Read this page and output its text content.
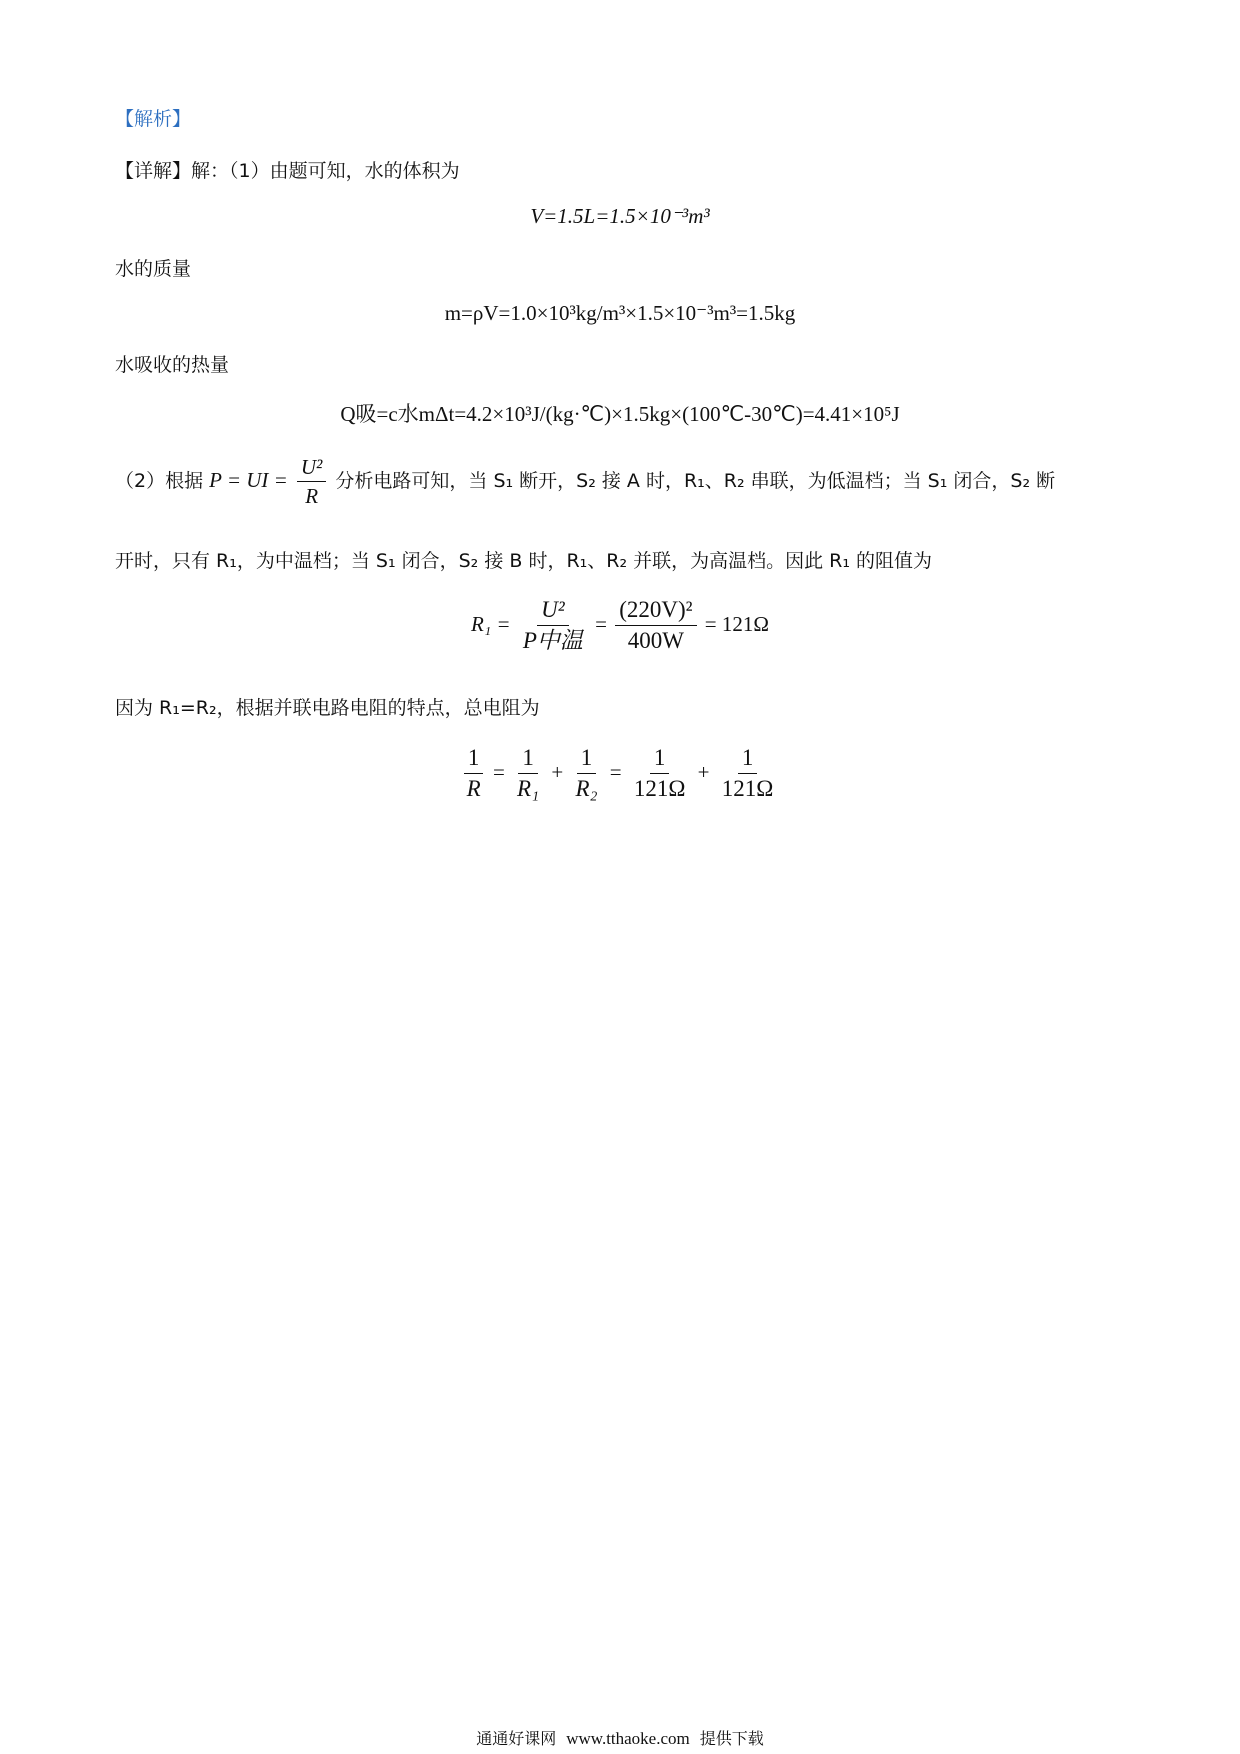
【解析】
【详解】解：（1）由题可知，水的体积为
V=1.5L=1.5×10⁻³m³
水的质量
m=ρV=1.0×10³kg/m³×1.5×10⁻³m³=1.5kg
水吸收的热量
Q吸=c水mΔt=4.2×10³J/(kg·℃)×1.5kg×(100℃-30℃)=4.41×10⁵J
（2）根据 P = UI = $\frac{\text{U²}}{R}$ 分析电路可知，当 S₁ 断开，S₂ 接 A 时，R₁、R₂ 串联，为低温档；当 S₁ 闭合，S₂ 断
开时，只有 R₁，为中温档；当 S₁ 闭合，S₂ 接 B 时，R₁、R₂ 并联，为高温档。因此 R₁ 的阻值为
$R_1 = \frac{\text{U²}}{\text{P中温}} = \frac{\text{(220V)²}}{400W} = 121\Omega$
因为 R₁=R₂，根据并联电路电阻的特点，总电阻为
$\frac{1}{R} = \frac{1}{\text{R₁}} + \frac{1}{\text{R₂}} = \frac{1}{121\Omega} + \frac{1}{121\Omega}$
通通好课网 www.tthaoke.com 提供下载
